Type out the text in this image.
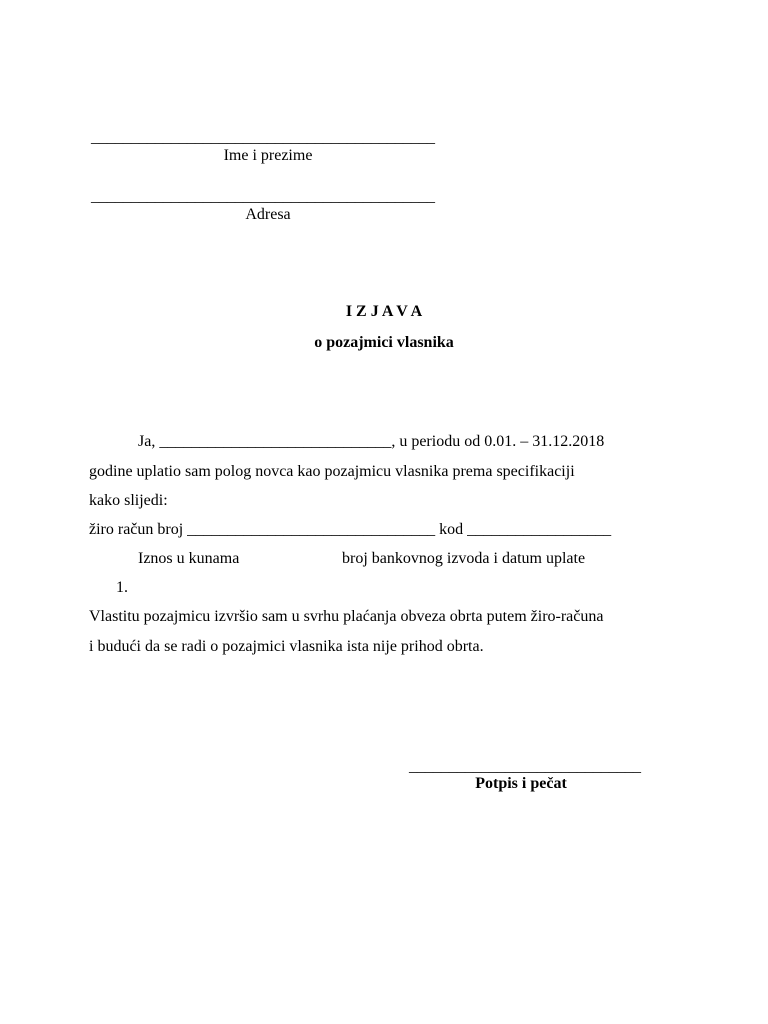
___________________________________________
Ime i prezime
___________________________________________
Adresa
I Z J A V A
o pozajmici vlasnika
Ja, _____________________________, u periodu od 0.01. – 31.12.2018
godine uplatio sam polog novca kao pozajmicu vlasnika prema specifikaciji
kako slijedi:
žiro račun broj _______________________________ kod __________________
Iznos u kunama	broj bankovnog izvoda i datum uplate
1.
Vlastitu pozajmicu izvršio sam u svrhu plaćanja obveza obrta putem žiro-računa
i budući da se radi o pozajmici vlasnika ista nije prihod obrta.
_____________________________
Potpis i pečat
